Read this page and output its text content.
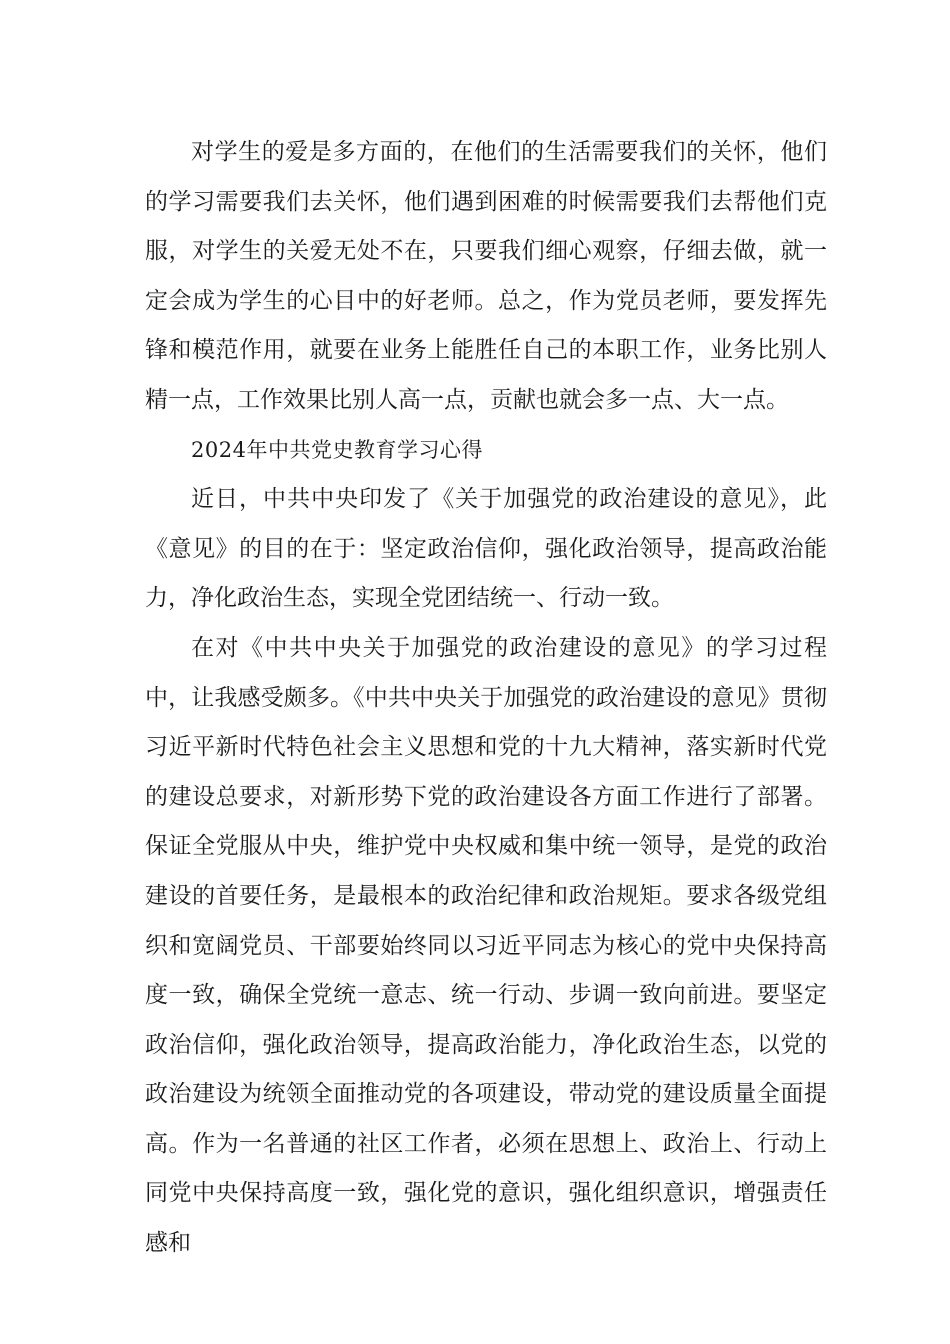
对学生的爱是多方面的，在他们的生活需要我们的关怀，他们的学习需要我们去关怀，他们遇到困难的时候需要我们去帮他们克服，对学生的关爱无处不在，只要我们细心观察，仔细去做，就一定会成为学生的心目中的好老师。总之，作为党员老师，要发挥先锋和模范作用，就要在业务上能胜任自己的本职工作，业务比别人精一点，工作效果比别人高一点，贡献也就会多一点、大一点。

2024年中共党史教育学习心得

近日，中共中央印发了《关于加强党的政治建设的意见》，此《意见》的目的在于：坚定政治信仰，强化政治领导，提高政治能力，净化政治生态，实现全党团结统一、行动一致。

在对《中共中央关于加强党的政治建设的意见》的学习过程中，让我感受颇多。《中共中央关于加强党的政治建设的意见》贯彻习近平新时代特色社会主义思想和党的十九大精神，落实新时代党的建设总要求，对新形势下党的政治建设各方面工作进行了部署。保证全党服从中央，维护党中央权威和集中统一领导，是党的政治建设的首要任务，是最根本的政治纪律和政治规矩。要求各级党组织和宽阔党员、干部要始终同以习近平同志为核心的党中央保持高度一致，确保全党统一意志、统一行动、步调一致向前进。要坚定政治信仰，强化政治领导，提高政治能力，净化政治生态，以党的政治建设为统领全面推动党的各项建设，带动党的建设质量全面提高。作为一名普通的社区工作者，必须在思想上、政治上、行动上同党中央保持高度一致，强化党的意识，强化组织意识，增强责任感和
